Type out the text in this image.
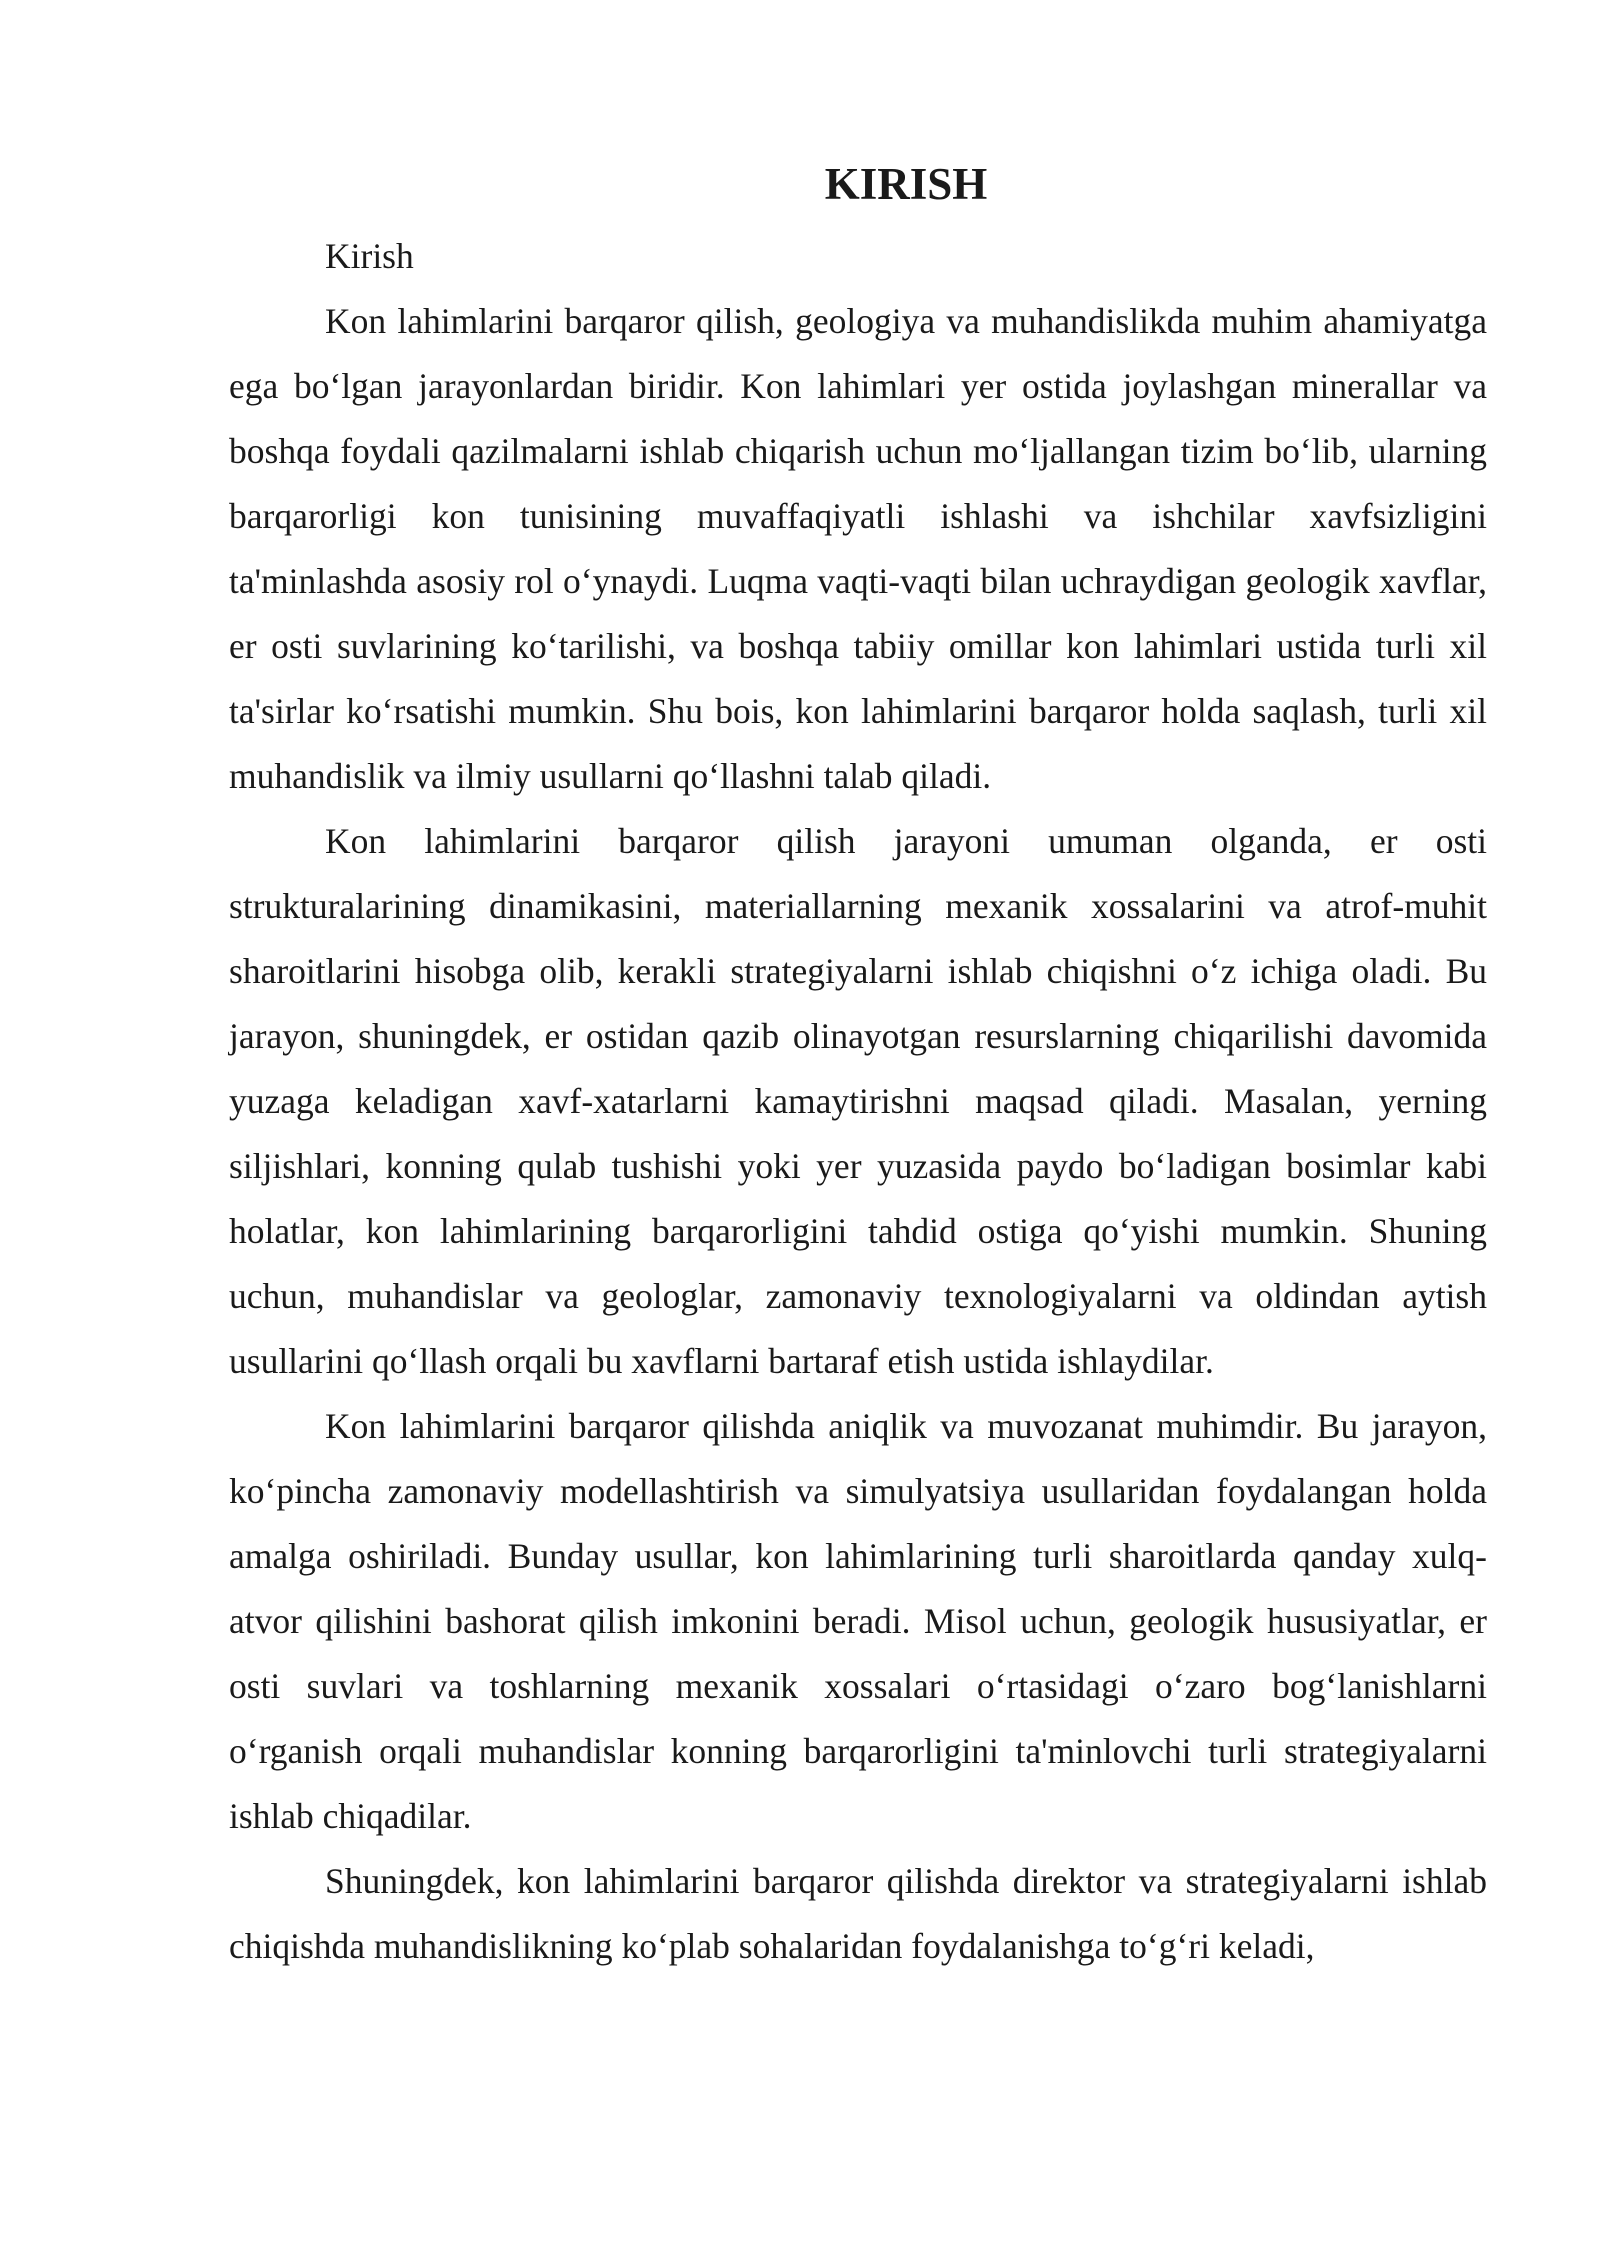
KIRISH

Kirish

Kon lahimlarini barqaror qilish, geologiya va muhandislikda muhim ahamiyatga ega bo‘lgan jarayonlardan biridir. Kon lahimlari yer ostida joylashgan minerallar va boshqa foydali qazilmalarni ishlab chiqarish uchun mo‘ljallangan tizim bo‘lib, ularning barqarorligi kon tunisining muvaffaqiyatli ishlashi va ishchilar xavfsizligini ta'minlashda asosiy rol o‘ynaydi. Luqma vaqti-vaqti bilan uchraydigan geologik xavflar, er osti suvlarining ko‘tarilishi, va boshqa tabiiy omillar kon lahimlari ustida turli xil ta'sirlar ko‘rsatishi mumkin. Shu bois, kon lahimlarini barqaror holda saqlash, turli xil muhandislik va ilmiy usullarni qo‘llashni talab qiladi.

Kon lahimlarini barqaror qilish jarayoni umuman olganda, er osti strukturalarining dinamikasini, materiallarning mexanik xossalarini va atrof-muhit sharoitlarini hisobga olib, kerakli strategiyalarni ishlab chiqishni o‘z ichiga oladi. Bu jarayon, shuningdek, er ostidan qazib olinayotgan resurslarning chiqarilishi davomida yuzaga keladigan xavf-xatarlarni kamaytirishni maqsad qiladi. Masalan, yerning siljishlari, konning qulab tushishi yoki yer yuzasida paydo bo‘ladigan bosimlar kabi holatlar, kon lahimlarining barqarorligini tahdid ostiga qo‘yishi mumkin. Shuning uchun, muhandislar va geologlar, zamonaviy texnologiyalarni va oldindan aytish usullarini qo‘llash orqali bu xavflarni bartaraf etish ustida ishlaydilar.

Kon lahimlarini barqaror qilishda aniqlik va muvozanat muhimdir. Bu jarayon, ko‘pincha zamonaviy modellashtirish va simulyatsiya usullaridan foydalangan holda amalga oshiriladi. Bunday usullar, kon lahimlarining turli sharoitlarda qanday xulq-atvor qilishini bashorat qilish imkonini beradi. Misol uchun, geologik hususiyatlar, er osti suvlari va toshlarning mexanik xossalari o‘rtasidagi o‘zaro bog‘lanishlarni o‘rganish orqali muhandislar konning barqarorligini ta'minlovchi turli strategiyalarni ishlab chiqadilar.

Shuningdek, kon lahimlarini barqaror qilishda direktor va strategiyalarni ishlab chiqishda muhandislikning ko‘plab sohalaridan foydalanishga to‘g‘ri keladi,
